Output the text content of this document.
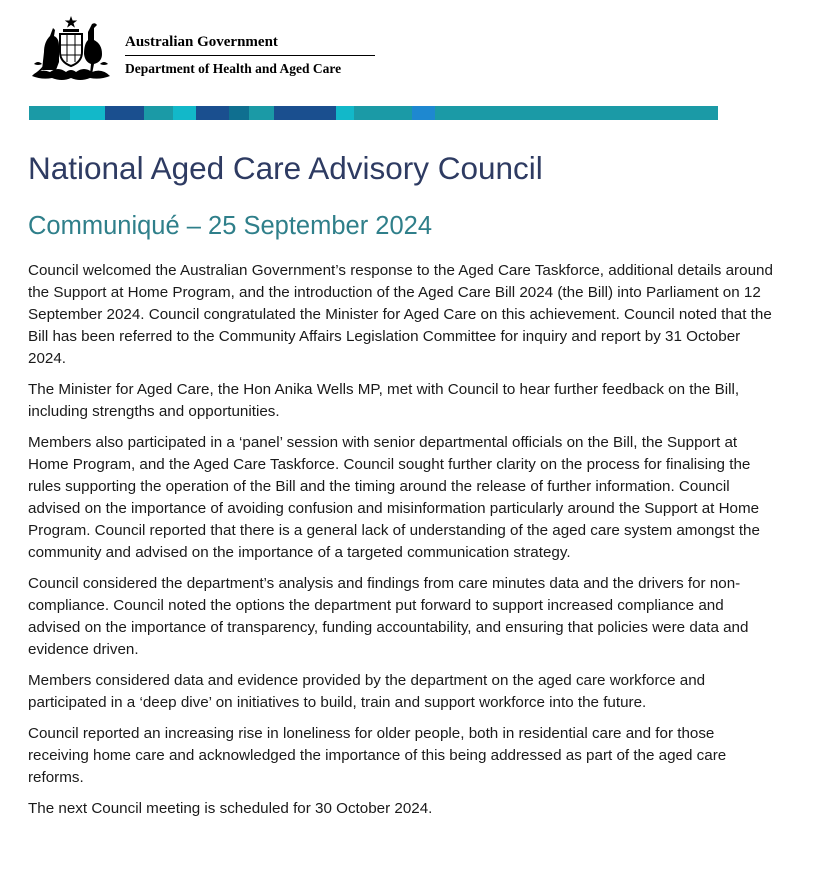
Australian Government
Department of Health and Aged Care
National Aged Care Advisory Council
Communiqué – 25 September 2024

Council welcomed the Australian Government’s response to the Aged Care Taskforce, additional details around the Support at Home Program, and the introduction of the Aged Care Bill 2024 (the Bill) into Parliament on 12 September 2024. Council congratulated the Minister for Aged Care on this achievement. Council noted that the Bill has been referred to the Community Affairs Legislation Committee for inquiry and report by 31 October 2024.

The Minister for Aged Care, the Hon Anika Wells MP, met with Council to hear further feedback on the Bill, including strengths and opportunities.

Members also participated in a ‘panel’ session with senior departmental officials on the Bill, the Support at Home Program, and the Aged Care Taskforce. Council sought further clarity on the process for finalising the rules supporting the operation of the Bill and the timing around the release of further information. Council advised on the importance of avoiding confusion and misinformation particularly around the Support at Home Program. Council reported that there is a general lack of understanding of the aged care system amongst the community and advised on the importance of a targeted communication strategy.

Council considered the department’s analysis and findings from care minutes data and the drivers for non-compliance. Council noted the options the department put forward to support increased compliance and advised on the importance of transparency, funding accountability, and ensuring that policies were data and evidence driven.

Members considered data and evidence provided by the department on the aged care workforce and participated in a ‘deep dive’ on initiatives to build, train and support workforce into the future.

Council reported an increasing rise in loneliness for older people, both in residential care and for those receiving home care and acknowledged the importance of this being addressed as part of the aged care reforms.

The next Council meeting is scheduled for 30 October 2024.
